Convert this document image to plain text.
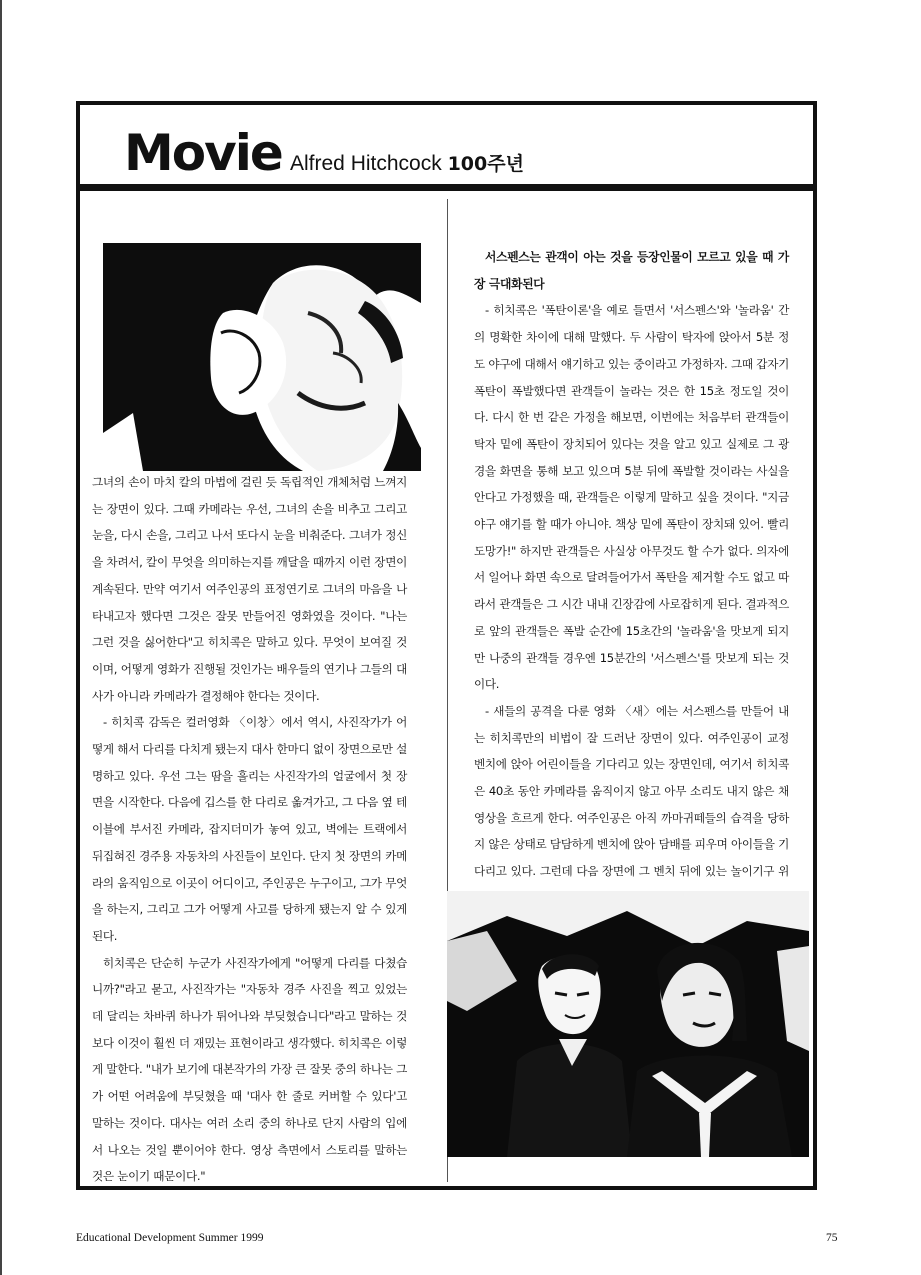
Movie Alfred Hitchcock 100주년

그녀의 손이 마치 칼의 마법에 걸린 듯 독립적인 개체처럼 느껴지는 장면이 있다. 그때 카메라는 우선, 그녀의 손을 비추고 그리고 눈을, 다시 손을, 그리고 나서 또다시 눈을 비춰준다. 그녀가 정신을 차려서, 칼이 무엇을 의미하는지를 깨달을 때까지 이런 장면이 계속된다. 만약 여기서 여주인공의 표정연기로 그녀의 마음을 나타내고자 했다면 그것은 잘못 만들어진 영화였을 것이다. "나는 그런 것을 싫어한다"고 히치콕은 말하고 있다. 무엇이 보여질 것이며, 어떻게 영화가 진행될 것인가는 배우들의 연기나 그들의 대사가 아니라 카메라가 결정해야 한다는 것이다.

- 히치콕 감독은 컬러영화 〈이창〉에서 역시, 사진작가가 어떻게 해서 다리를 다치게 됐는지 대사 한마디 없이 장면으로만 설명하고 있다. 우선 그는 땀을 흘리는 사진작가의 얼굴에서 첫 장면을 시작한다. 다음에 깁스를 한 다리로 옮겨가고, 그 다음 옆 테이블에 부서진 카메라, 잡지더미가 놓여 있고, 벽에는 트랙에서 뒤집혀진 경주용 자동차의 사진들이 보인다. 단지 첫 장면의 카메라의 움직임으로 이곳이 어디이고, 주인공은 누구이고, 그가 무엇을 하는지, 그리고 그가 어떻게 사고를 당하게 됐는지 알 수 있게 된다.

히치콕은 단순히 누군가 사진작가에게 "어떻게 다리를 다쳤습니까?"라고 묻고, 사진작가는 "자동차 경주 사진을 찍고 있었는데 달리는 차바퀴 하나가 튀어나와 부딪혔습니다"라고 말하는 것보다 이것이 훨씬 더 재밌는 표현이라고 생각했다. 히치콕은 이렇게 말한다. "내가 보기에 대본작가의 가장 큰 잘못 중의 하나는 그가 어떤 어려움에 부딪혔을 때 '대사 한 줄로 커버할 수 있다'고 말하는 것이다. 대사는 여러 소리 중의 하나로 단지 사람의 입에서 나오는 것일 뿐이어야 한다. 영상 측면에서 스토리를 말하는 것은 눈이기 때문이다."

서스펜스는 관객이 아는 것을 등장인물이 모르고 있을 때 가장 극대화된다

- 히치콕은 '폭탄이론'을 예로 들면서 '서스펜스'와 '놀라움' 간의 명확한 차이에 대해 말했다. 두 사람이 탁자에 앉아서 5분 정도 야구에 대해서 얘기하고 있는 중이라고 가정하자. 그때 갑자기 폭탄이 폭발했다면 관객들이 놀라는 것은 한 15초 정도일 것이다. 다시 한 번 같은 가정을 해보면, 이번에는 처음부터 관객들이 탁자 밑에 폭탄이 장치되어 있다는 것을 알고 있고 실제로 그 광경을 화면을 통해 보고 있으며 5분 뒤에 폭발할 것이라는 사실을 안다고 가정했을 때, 관객들은 이렇게 말하고 싶을 것이다. "지금 야구 얘기를 할 때가 아니야. 책상 밑에 폭탄이 장치돼 있어. 빨리 도망가!" 하지만 관객들은 사실상 아무것도 할 수가 없다. 의자에서 일어나 화면 속으로 달려들어가서 폭탄을 제거할 수도 없고 따라서 관객들은 그 시간 내내 긴장감에 사로잡히게 된다. 결과적으로 앞의 관객들은 폭발 순간에 15초간의 '놀라움'을 맛보게 되지만 나중의 관객들 경우엔 15분간의 '서스펜스'를 맛보게 되는 것이다.

- 새들의 공격을 다룬 영화 〈새〉에는 서스펜스를 만들어 내는 히치콕만의 비법이 잘 드러난 장면이 있다. 여주인공이 교정 벤치에 앉아 어린이들을 기다리고 있는 장면인데, 여기서 히치콕은 40초 동안 카메라를 움직이지 않고 아무 소리도 내지 않은 채 영상을 흐르게 한다. 여주인공은 아직 까마귀떼들의 습격을 당하지 않은 상태로 담담하게 벤치에 앉아 담배를 피우며 아이들을 기다리고 있다. 그런데 다음 장면에 그 벤치 뒤에 있는 놀이기구 위

Educational Development Summer 1999	75
